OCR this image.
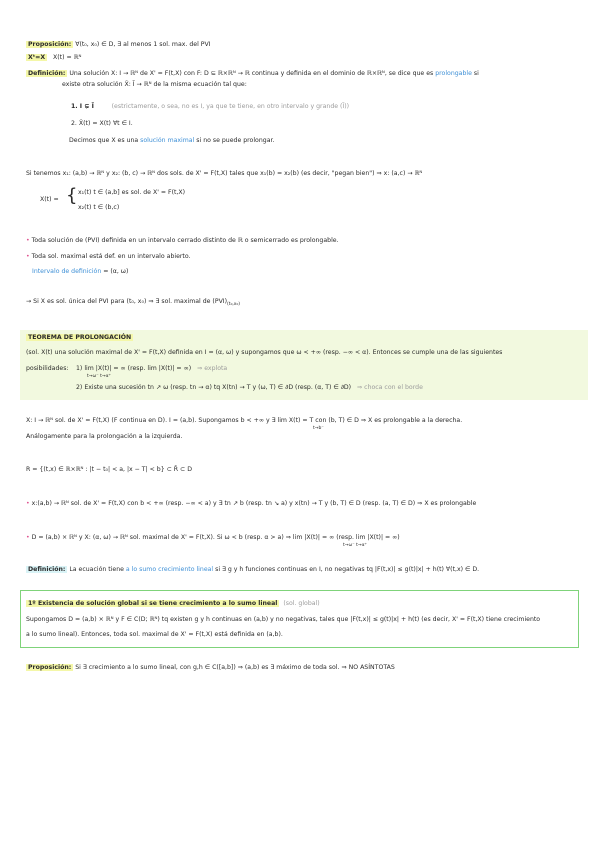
Proposición: ∀(t₀, x₀) ∈ D, ∃ al menos 1 sol. max. del PVI
Xᵗ=X X(t) = ℝᴺ
Definición: Una solución X: I → ℝᴺ de X' = F(t,X) con F: D ⊆ ℝ×ℝᴺ → ℝ continua y definida en el dominio de ℝ×ℝᴺ, se dice que es prolongable si
existe otra solución X̃: Ĩ → ℝᴺ de la misma ecuación tal que:
1. I ⊊ Ĩ	(estrictamente, o sea, no es I, ya que te tiene, en otro intervalo y grande (Ĩ))
2. X̃(t) = X(t) ∀t ∈ I.
Decimos que X es una solución maximal si no se puede prolongar.
Si tenemos x₁: (a,b) → ℝᴺ y x₂: (b, c) → ℝᴺ dos sols. de X' = F(t,X) tales que x₁(b) = x₂(b) (es decir, "pegan bien") ⇒ x: (a,c) → ℝᴺ
X(t) = { x₁(t) t ∈ (a,b] es sol. de X' = F(t,X)
x₂(t) t ∈ (b,c)
• Toda solución de (PVI) definida en un intervalo cerrado distinto de ℝ o semicerrado es prolongable.
• Toda sol. maximal está def. en un intervalo abierto.
Intervalo de definición = (α, ω)
→ Si X es sol. única del PVI para (t₀, x₀) ⇒ ∃ sol. maximal de $(PVI)_{(t_0,x_0)}$
TEOREMA DE PROLONGACIÓN
(sol. X(t) una solución maximal de X' = F(t,X) definida en I = (α, ω) y supongamos que ω < +∞ (resp. −∞ < α). Entonces se cumple una de las siguientes
posibilidades: 1) lim |X(t)| = ∞ (resp. lim |X(t)| = ∞) ⇒ explota
t→ω⁻ t→α⁺
2) Existe una sucesión tn ↗ ω (resp. tn → α) tq X(tn) → T y (ω, T) ∈ ∂D (resp. (α, T) ∈ ∂D) ⇒ choca con el borde
X: I → ℝᴺ sol. de X' = F(t,X) (F continua en D). I = (a,b). Supongamos b < +∞ y ∃ lim X(t) = T con (b, T) ∈ D ⇒ X es prolongable a la derecha.
t→b⁻
Análogamente para la prolongación a la izquierda.
R = {(t,x) ∈ ℝ×ℝᴺ : |t − t₀| < a, |x − T| < b} ⊂ R̄ ⊂ D
• x:(a,b) → ℝᴺ sol. de X' = F(t,X) con b < +∞ (resp. −∞ < a) y ∃ tn ↗ b (resp. tn ↘ a) y x(tn) → T y (b, T) ∈ D (resp. (a, T) ∈ D) ⇒ X es prolongable
• D = (a,b) × ℝᴺ y X: (α, ω) → ℝᴺ sol. maximal de X' = F(t,X). Si ω < b (resp. α > a) ⇒ lim |X(t)| = ∞ (resp. lim |X(t)| = ∞)
t→ω⁻ t→α⁺
Definición: La ecuación tiene a lo sumo crecimiento lineal si ∃ g y h funciones continuas en I, no negativas tq |F(t,x)| ≤ g(t)|x| + h(t) ∀(t,x) ∈ D.
1º Existencia de solución global si se tiene crecimiento a lo sumo lineal (sol. global)
Supongamos D = (a,b) × ℝᴺ y F ∈ C(D; ℝᴺ) tq existen g y h continuas en (a,b) y no negativas, tales que |F(t,x)| ≤ g(t)|x| + h(t) (es decir, X' = F(t,X) tiene crecimiento
a lo sumo lineal). Entonces, toda sol. maximal de X' = F(t,X) está definida en (a,b).
Proposición: Si ∃ crecimiento a lo sumo lineal, con g,h ∈ C([a,b]) ⇒ (a,b) es ∃ máximo de toda sol. ⇒ NO ASÍNTOTAS
